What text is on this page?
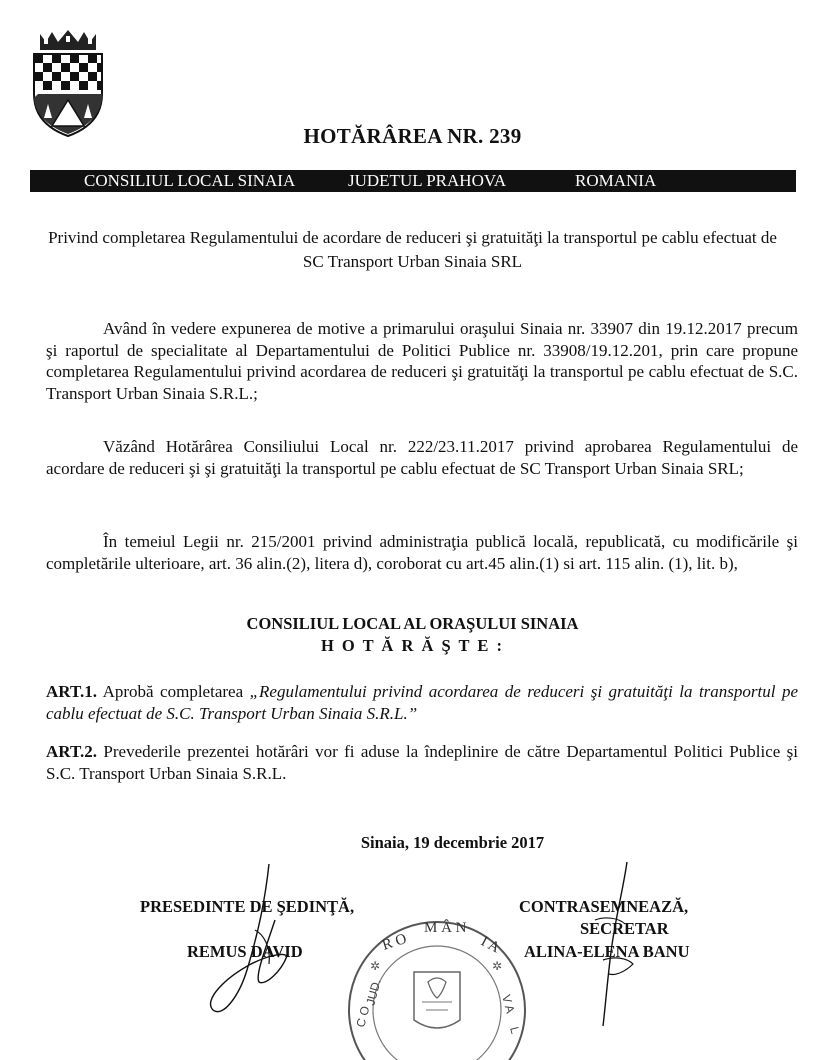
HOTĂRÂREA NR. 239
CONSILIUL LOCAL SINAIA	JUDETUL PRAHOVA	ROMANIA
Privind completarea Regulamentului de acordare de reduceri şi gratuităţi la transportul pe cablu efectuat de SC Transport Urban Sinaia SRL
Având în vedere expunerea de motive a primarului oraşului Sinaia nr. 33907 din 19.12.2017 precum şi raportul de specialitate al Departamentului de Politici Publice nr. 33908/19.12.201, prin care propune completarea Regulamentului privind acordarea de reduceri şi gratuităţi la transportul pe cablu efectuat de S.C. Transport Urban Sinaia S.R.L.;
Văzând Hotărârea Consiliului Local nr. 222/23.11.2017 privind aprobarea Regulamentului de acordare de reduceri şi şi gratuităţi la transportul pe cablu efectuat de SC Transport Urban Sinaia SRL;
În temeiul Legii nr. 215/2001 privind administraţia publică locală, republicată, cu modificările şi completările ulterioare, art. 36 alin.(2), litera d), coroborat cu art.45 alin.(1) si art. 115 alin. (1), lit. b),
CONSILIUL LOCAL AL ORAŞULUI SINAIA
H O T Ă R Ă Ş T E :
ART.1. Aprobă completarea „Regulamentului privind acordarea de reduceri şi gratuităţi la transportul pe cablu efectuat de S.C. Transport Urban Sinaia S.R.L.”
ART.2. Prevederile prezentei hotărâri vor fi aduse la îndeplinire de către Departamentul Politici Publice şi S.C. Transport Urban Sinaia S.R.L.
Sinaia, 19 decembrie 2017
PRESEDINTE DE ŞEDINŢĂ,
REMUS DAVID
CONTRASEMNEAZĂ,
SECRETAR
ALINA-ELENA BANU
R O
M Â N
I A
✲	✲
JUD.
C O
V A
L
